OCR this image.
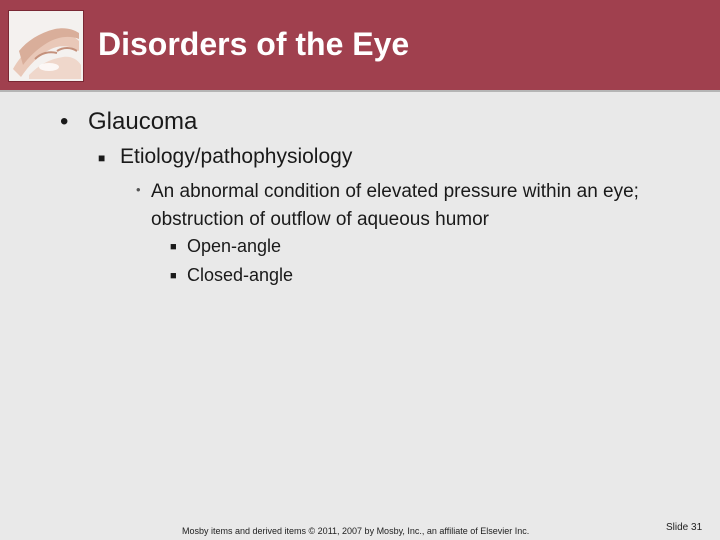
Disorders of the Eye
• Glaucoma
■ Etiology/pathophysiology
• An abnormal condition of elevated pressure within an eye; obstruction of outflow of aqueous humor
■ Open-angle
■ Closed-angle
Mosby items and derived items © 2011, 2007 by Mosby, Inc., an affiliate of Elsevier Inc.	Slide 31
